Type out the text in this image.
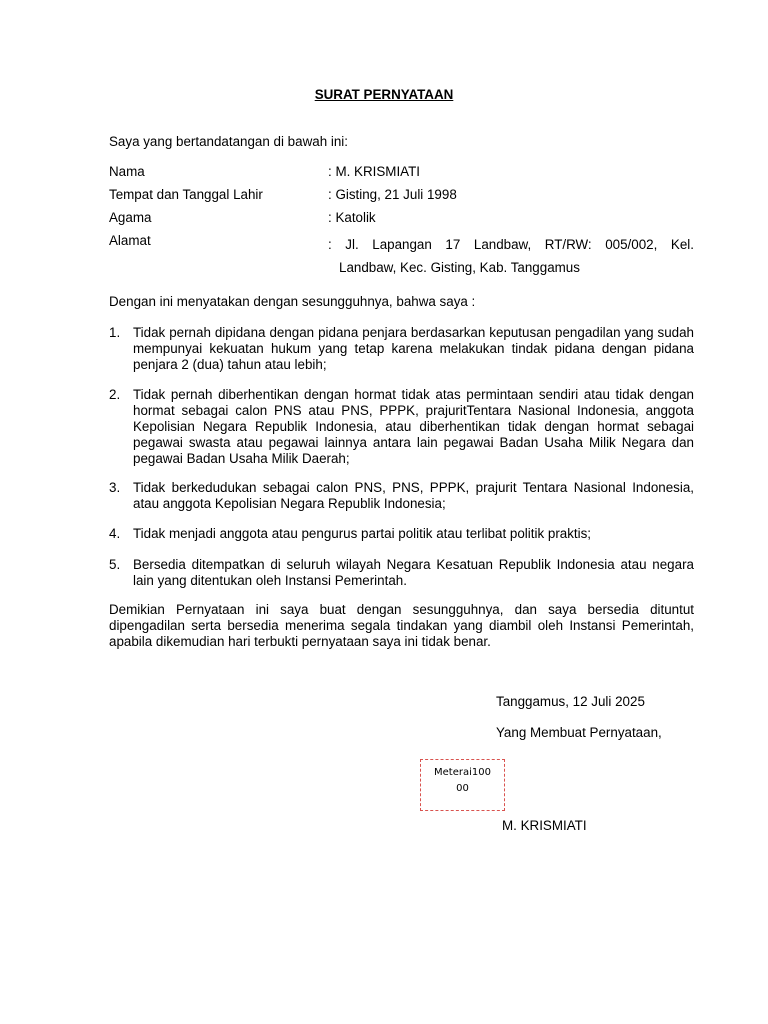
SURAT PERNYATAAN
Saya yang bertandatangan di bawah ini:
Nama	: M. KRISMIATI
Tempat dan Tanggal Lahir	: Gisting, 21 Juli 1998
Agama	: Katolik
Alamat	: Jl. Lapangan 17 Landbaw, RT/RW: 005/002, Kel.
Landbaw, Kec. Gisting, Kab. Tanggamus
Dengan ini menyatakan dengan sesungguhnya, bahwa saya :
1. Tidak pernah dipidana dengan pidana penjara berdasarkan keputusan pengadilan yang sudah mempunyai kekuatan hukum yang tetap karena melakukan tindak pidana dengan pidana penjara 2 (dua) tahun atau lebih;
2. Tidak pernah diberhentikan dengan hormat tidak atas permintaan sendiri atau tidak dengan hormat sebagai calon PNS atau PNS, PPPK, prajuritTentara Nasional Indonesia, anggota Kepolisian Negara Republik Indonesia, atau diberhentikan tidak dengan hormat sebagai pegawai swasta atau pegawai lainnya antara lain pegawai Badan Usaha Milik Negara dan pegawai Badan Usaha Milik Daerah;
3. Tidak berkedudukan sebagai calon PNS, PNS, PPPK, prajurit Tentara Nasional Indonesia, atau anggota Kepolisian Negara Republik Indonesia;
4. Tidak menjadi anggota atau pengurus partai politik atau terlibat politik praktis;
5. Bersedia ditempatkan di seluruh wilayah Negara Kesatuan Republik Indonesia atau negara lain yang ditentukan oleh Instansi Pemerintah.
Demikian Pernyataan ini saya buat dengan sesungguhnya, dan saya bersedia dituntut dipengadilan serta bersedia menerima segala tindakan yang diambil oleh Instansi Pemerintah, apabila dikemudian hari terbukti pernyataan saya ini tidak benar.
Tanggamus, 12 Juli 2025
Yang Membuat Pernyataan,
Meterai100
00
M. KRISMIATI
